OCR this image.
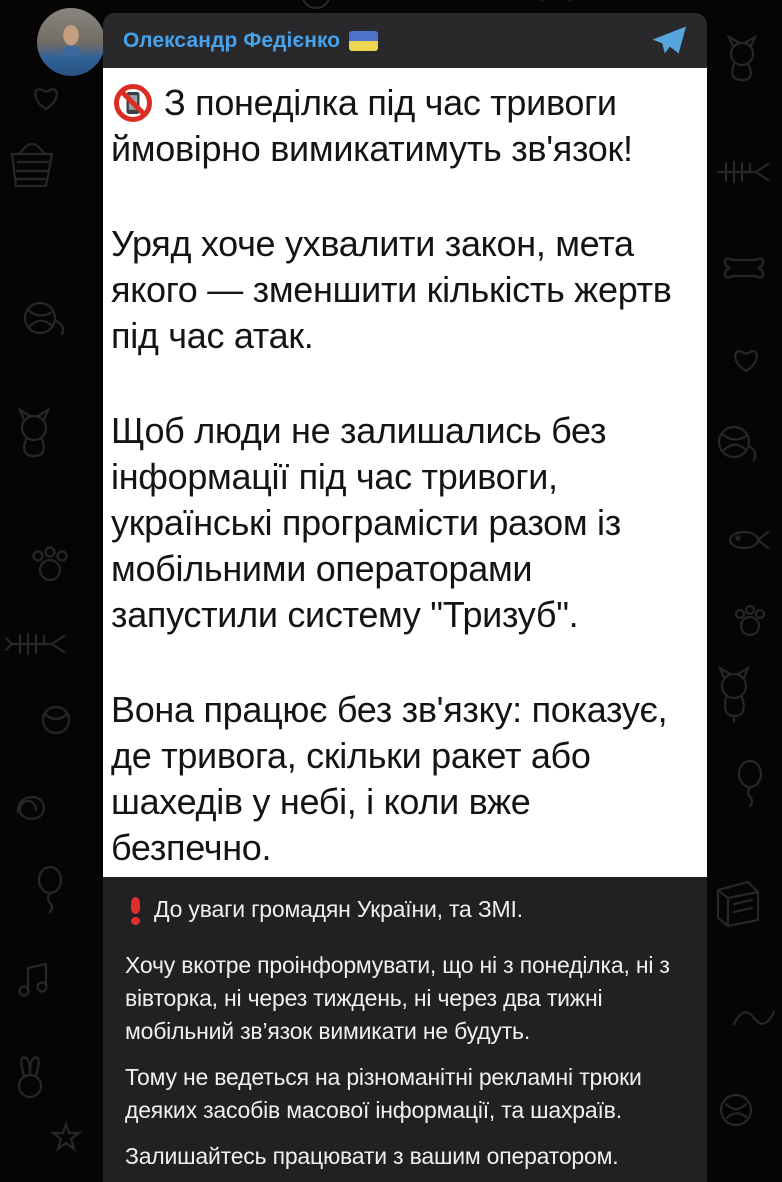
Олександр Федієнко
З понеділка під час тривоги
ймовірно вимикатимуть зв'язок!
Уряд хоче ухвалити закон, мета
якого — зменшити кількість жертв
під час атак.
Щоб люди не залишались без
інформації під час тривоги,
українські програмісти разом із
мобільними операторами
запустили систему "Тризуб".
Вона працює без зв'язку: показує,
де тривога, скільки ракет або
шахедів у небі, і коли вже
безпечно.
До уваги громадян України, та ЗМІ.
Хочу вкотре проінформувати, що ні з понеділка, ні з
вівторка, ні через тиждень, ні через два тижні
мобільний зв’язок вимикати не будуть.
Тому не ведеться на різноманітні рекламні трюки
деяких засобів масової інформації, та шахраїв.
Залишайтесь працювати з вашим оператором.
